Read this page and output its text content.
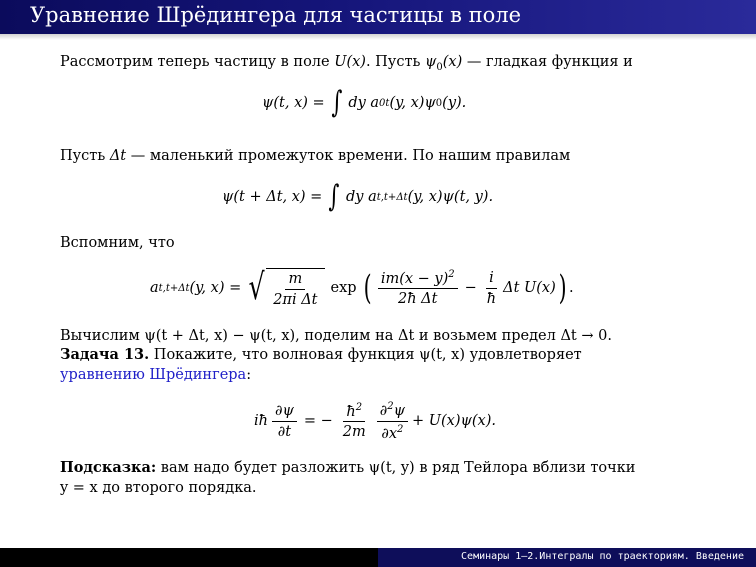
Уравнение Шрёдингера для частицы в поле
Рассмотрим теперь частицу в поле U(x). Пусть $\psi_0(x)$ — гладкая функция и
ψ(t, x) = ∫ dy a 0t (y, x)ψ 0 (y).
Пусть Δt — маленький промежуток времени. По нашим правилам
ψ(t + Δt, x) = ∫ dy a t,t+Δt (y, x)ψ(t, y).
Вспомним, что
a t,t+Δt (y, x) = √ $\frac{m}{\text{2πi Δt}}$ exp ( $\frac{im(x - y)^2}{\text{2ħ Δt}} - \frac{i}{ħ}$ Δt U(x) ) .
Вычислим ψ(t + Δt, x) − ψ(t, x), поделим на Δt и возьмем предел Δt → 0.
Задача 13. Покажите, что волновая функция ψ(t, x) удовлетворяет
уравнению Шрёдингера:
iħ $\frac{\partial\psi}{\partial t}$ = − $\frac{ħ^2}{2m} \frac{\partial^2\psi}{\partial x^2} + U(x)\psi(x)$.
Подсказка: вам надо будет разложить ψ(t, y) в ряд Тейлора вблизи точки
y = x до второго порядка.
Семинары 1–2.Интегралы по траекториям. Введение
